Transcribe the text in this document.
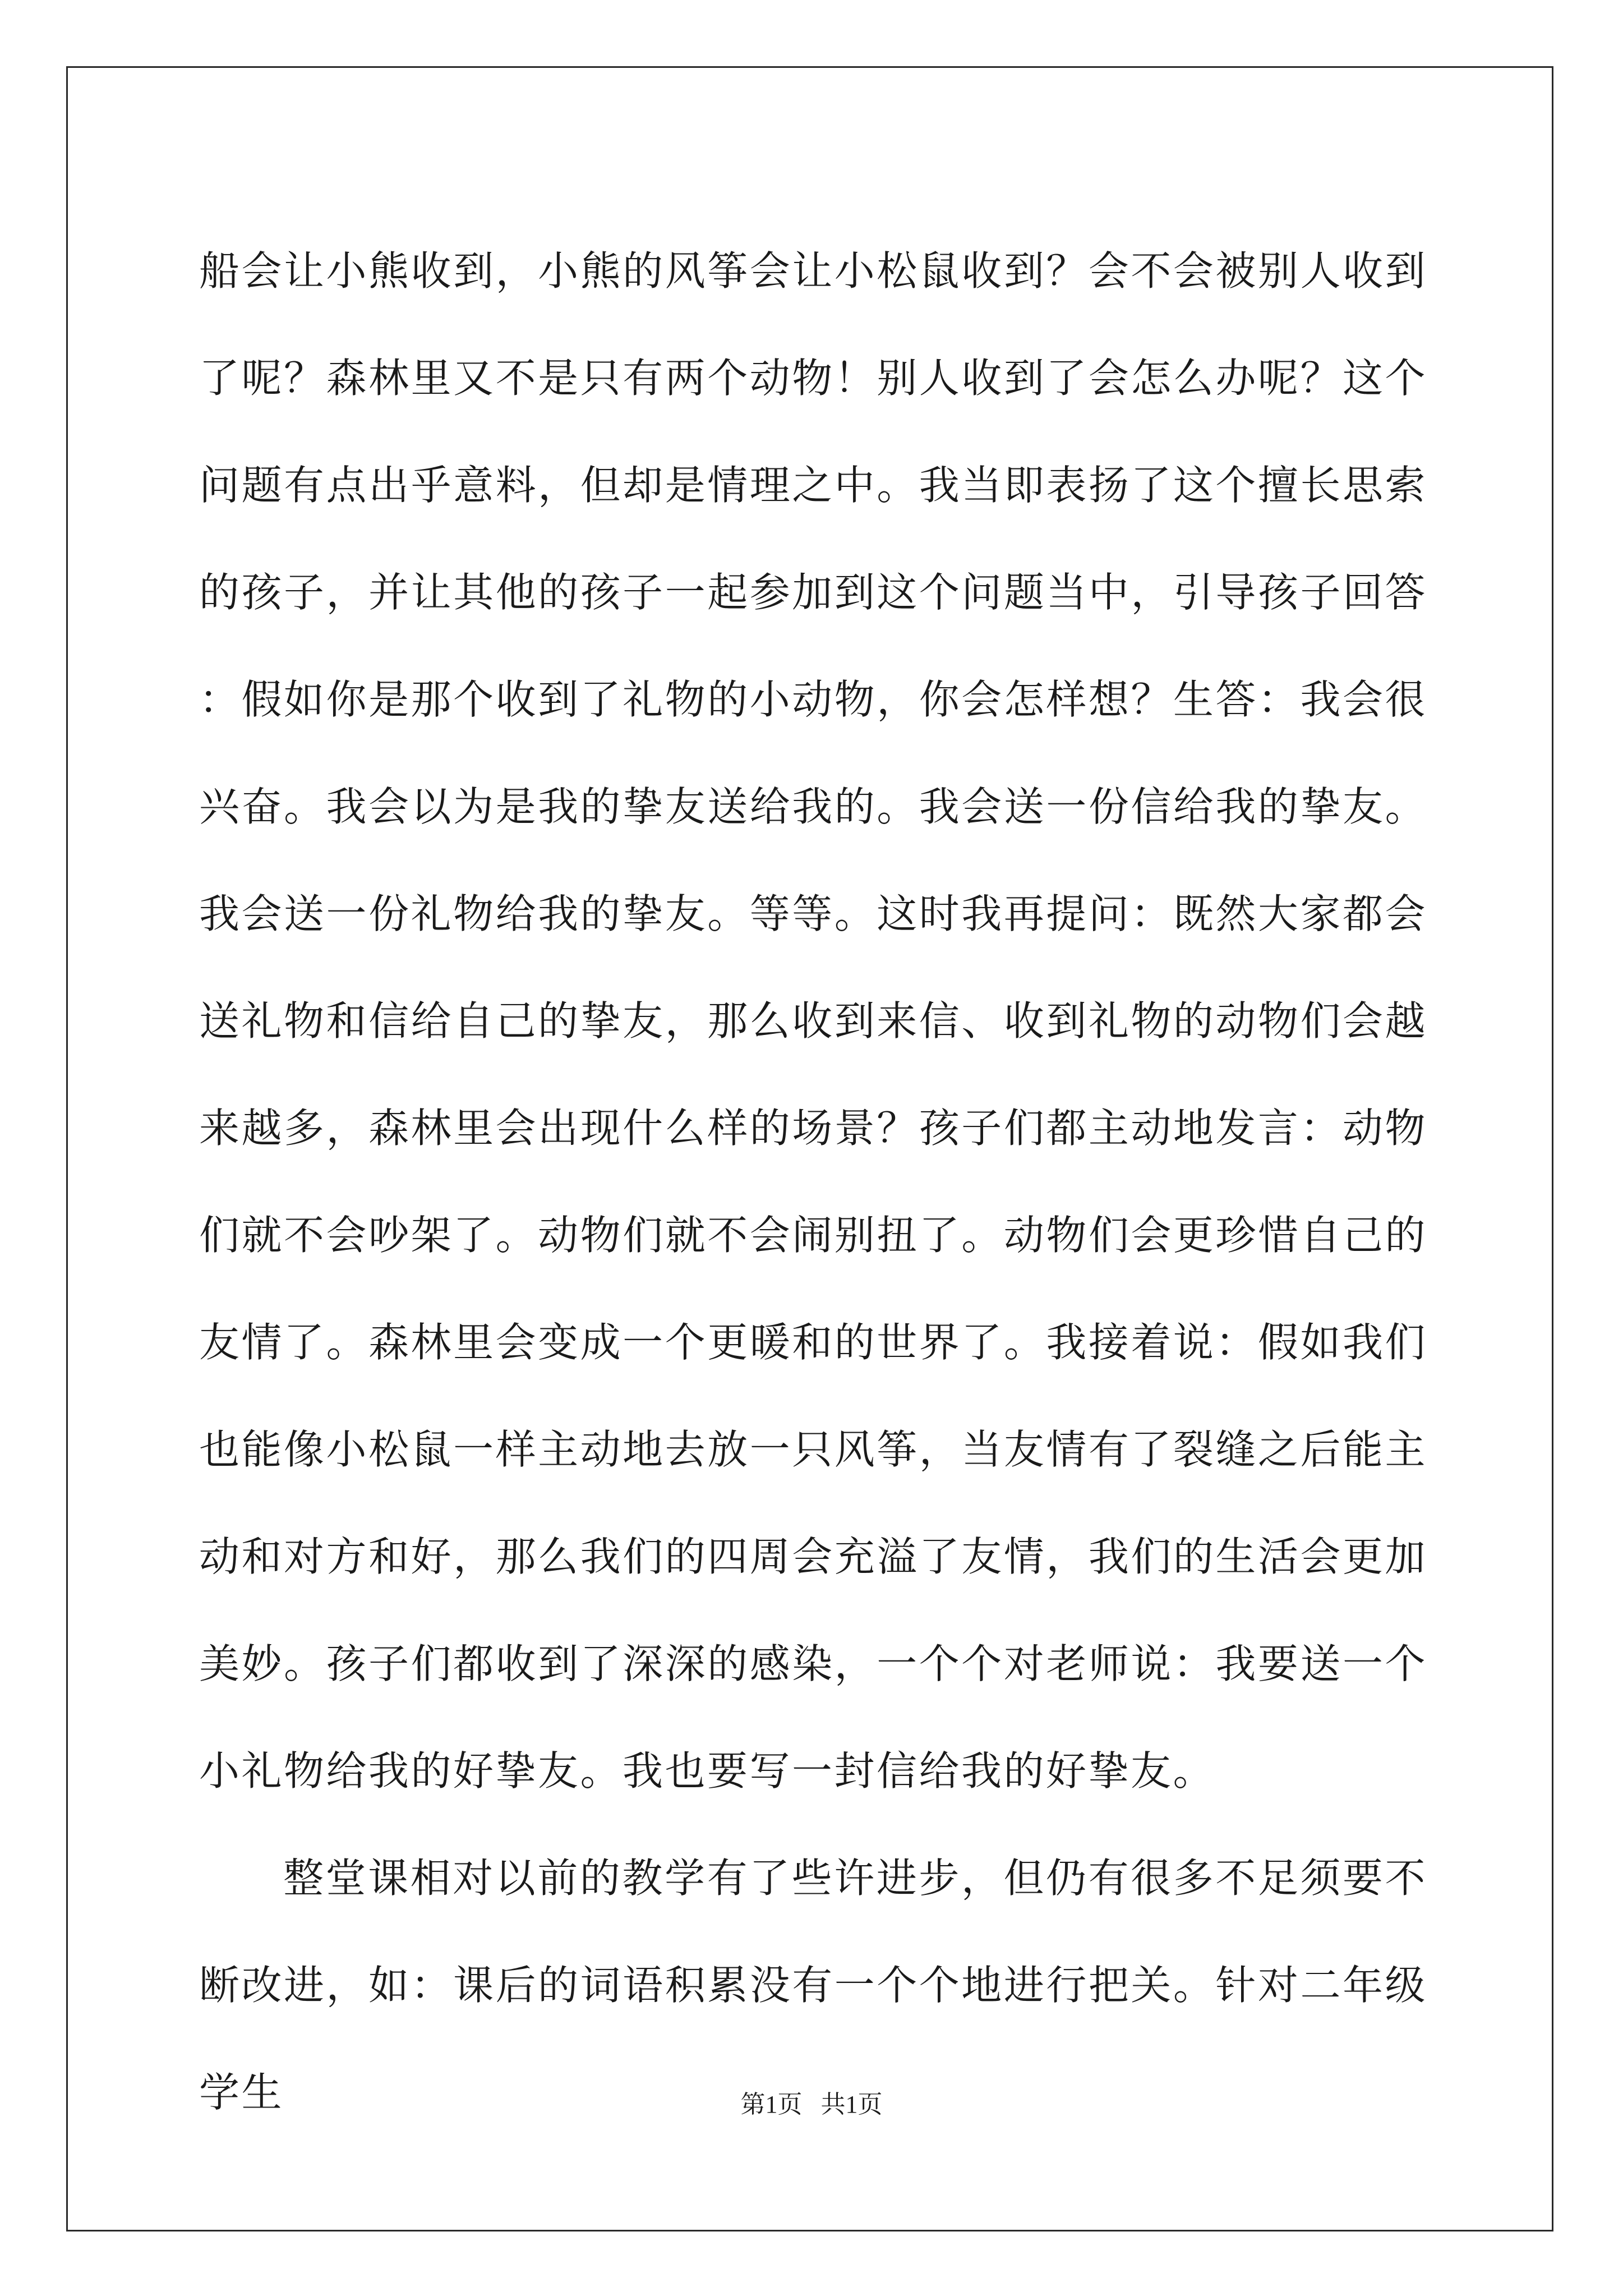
船会让小熊收到，小熊的风筝会让小松鼠收到？会不会被别人收到了呢？森林里又不是只有两个动物！别人收到了会怎么办呢？这个问题有点出乎意料，但却是情理之中。我当即表扬了这个擅长思索的孩子，并让其他的孩子一起参加到这个问题当中，引导孩子回答：假如你是那个收到了礼物的小动物，你会怎样想？生答：我会很兴奋。我会以为是我的挚友送给我的。我会送一份信给我的挚友。我会送一份礼物给我的挚友。等等。这时我再提问：既然大家都会送礼物和信给自己的挚友，那么收到来信、收到礼物的动物们会越来越多，森林里会出现什么样的场景？孩子们都主动地发言：动物们就不会吵架了。动物们就不会闹别扭了。动物们会更珍惜自己的友情了。森林里会变成一个更暖和的世界了。我接着说：假如我们也能像小松鼠一样主动地去放一只风筝，当友情有了裂缝之后能主动和对方和好，那么我们的四周会充溢了友情，我们的生活会更加美妙。孩子们都收到了深深的感染，一个个对老师说：我要送一个小礼物给我的好挚友。我也要写一封信给我的好挚友。

整堂课相对以前的教学有了些许进步，但仍有很多不足须要不断改进，如：课后的词语积累没有一个个地进行把关。针对二年级学生	第1页   共1页
